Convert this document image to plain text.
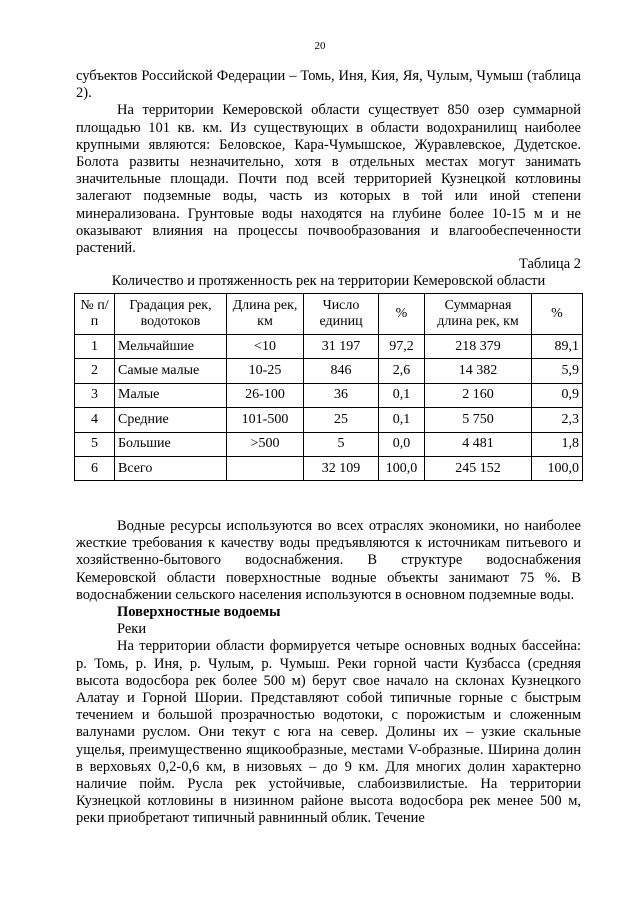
20

субъектов Российской Федерации – Томь, Иня, Кия, Яя, Чулым, Чумыш (таблица 2).

На территории Кемеровской области существует 850 озер суммарной площадью 101 кв. км. Из существующих в области водохранилищ наиболее крупными являются: Беловское, Кара-Чумышское, Журавлевское, Дудетское. Болота развиты незначительно, хотя в отдельных местах могут занимать значительные площади. Почти под всей территорией Кузнецкой котловины залегают подземные воды, часть из которых в той или иной степени минерализована. Грунтовые воды находятся на глубине более 10-15 м и не оказывают влияния на процессы почвообразования и влагообеспеченности растений.

Таблица 2
Количество и протяженность рек на территории Кемеровской области
№ п/п	Градация рек, водотоков	Длина рек, км	Число единиц	%	Суммарная длина рек, км	%
1	Мельчайшие	<10	31 197	97,2	218 379	89,1
2	Самые малые	10-25	846	2,6	14 382	5,9
3	Малые	26-100	36	0,1	2 160	0,9
4	Средние	101-500	25	0,1	5 750	2,3
5	Большие	>500	5	0,0	4 481	1,8
6	Всего		32 109	100,0	245 152	100,0

Водные ресурсы используются во всех отраслях экономики, но наиболее жесткие требования к качеству воды предъявляются к источникам питьевого и хозяйственно-бытового водоснабжения. В структуре водоснабжения Кемеровской области поверхностные водные объекты занимают 75 %. В водоснабжении сельского населения используются в основном подземные воды.

Поверхностные водоемы

Реки

На территории области формируется четыре основных водных бассейна: р. Томь, р. Иня, р. Чулым, р. Чумыш. Реки горной части Кузбасса (средняя высота водосбора рек более 500 м) берут свое начало на склонах Кузнецкого Алатау и Горной Шории. Представляют собой типичные горные с быстрым течением и большой прозрачностью водотоки, с порожистым и сложенным валунами руслом. Они текут с юга на север. Долины их – узкие скальные ущелья, преимущественно ящикообразные, местами V-образные. Ширина долин в верховьях 0,2-0,6 км, в низовьях – до 9 км. Для многих долин характерно наличие пойм. Русла рек устойчивые, слабоизвилистые. На территории Кузнецкой котловины в низинном районе высота водосбора рек менее 500 м, реки приобретают типичный равнинный облик. Течение
